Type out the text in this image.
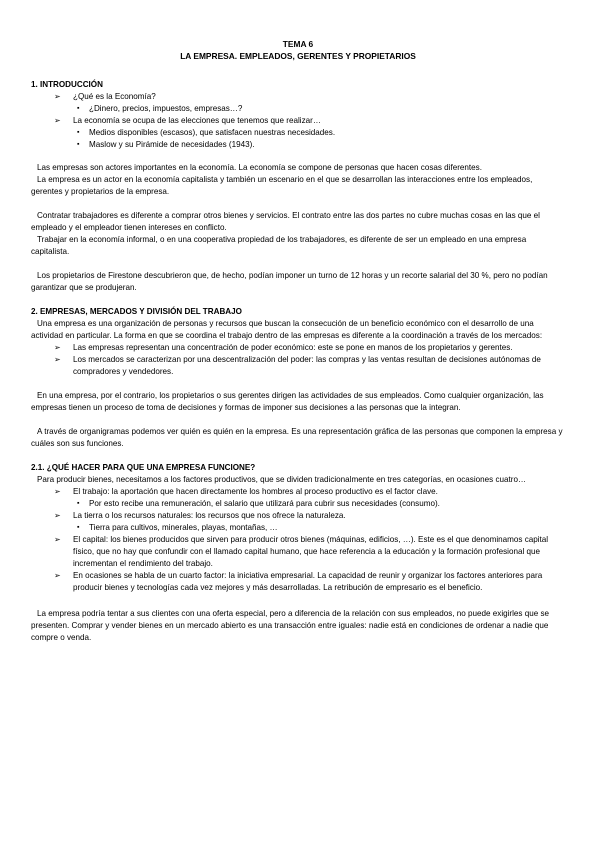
TEMA 6
LA EMPRESA. EMPLEADOS, GERENTES Y PROPIETARIOS
1. INTRODUCCIÓN
➢ ¿Qué es la Economía?
▪ ¿Dinero, precios, impuestos, empresas…?
➢ La economía se ocupa de las elecciones que tenemos que realizar…
▪ Medios disponibles (escasos), que satisfacen nuestras necesidades.
▪ Maslow y su Pirámide de necesidades (1943).

Las empresas son actores importantes en la economía. La economía se compone de personas que hacen cosas diferentes.

La empresa es un actor en la economía capitalista y también un escenario en el que se desarrollan las interacciones entre los empleados, gerentes y propietarios de la empresa.

Contratar trabajadores es diferente a comprar otros bienes y servicios. El contrato entre las dos partes no cubre muchas cosas en las que el empleado y el empleador tienen intereses en conflicto.

Trabajar en la economía informal, o en una cooperativa propiedad de los trabajadores, es diferente de ser un empleado en una empresa capitalista.

Los propietarios de Firestone descubrieron que, de hecho, podían imponer un turno de 12 horas y un recorte salarial del 30 %, pero no podían garantizar que se produjeran.

2. EMPRESAS, MERCADOS Y DIVISIÓN DEL TRABAJO

Una empresa es una organización de personas y recursos que buscan la consecución de un beneficio económico con el desarrollo de una actividad en particular. La forma en que se coordina el trabajo dentro de las empresas es diferente a la coordinación a través de los mercados:

➢ Las empresas representan una concentración de poder económico: este se pone en manos de los propietarios y gerentes.
➢ Los mercados se caracterizan por una descentralización del poder: las compras y las ventas resultan de decisiones autónomas de compradores y vendedores.

En una empresa, por el contrario, los propietarios o sus gerentes dirigen las actividades de sus empleados. Como cualquier organización, las empresas tienen un proceso de toma de decisiones y formas de imponer sus decisiones a las personas que la integran.

A través de organigramas podemos ver quién es quién en la empresa. Es una representación gráfica de las personas que componen la empresa y cuáles son sus funciones.

2.1. ¿QUÉ HACER PARA QUE UNA EMPRESA FUNCIONE?

Para producir bienes, necesitamos a los factores productivos, que se dividen tradicionalmente en tres categorías, en ocasiones cuatro…

➢ El trabajo: la aportación que hacen directamente los hombres al proceso productivo es el factor clave.
▪ Por esto recibe una remuneración, el salario que utilizará para cubrir sus necesidades (consumo).
➢ La tierra o los recursos naturales: los recursos que nos ofrece la naturaleza.
▪ Tierra para cultivos, minerales, playas, montañas, …
➢ El capital: los bienes producidos que sirven para producir otros bienes (máquinas, edificios, …). Este es el que denominamos capital físico, que no hay que confundir con el llamado capital humano, que hace referencia a la educación y la formación profesional que incrementan el rendimiento del trabajo.
➢ En ocasiones se habla de un cuarto factor: la iniciativa empresarial. La capacidad de reunir y organizar los factores anteriores para producir bienes y tecnologías cada vez mejores y más desarrolladas. La retribución de empresario es el beneficio.

La empresa podría tentar a sus clientes con una oferta especial, pero a diferencia de la relación con sus empleados, no puede exigirles que se presenten. Comprar y vender bienes en un mercado abierto es una transacción entre iguales: nadie está en condiciones de ordenar a nadie que compre o venda.
